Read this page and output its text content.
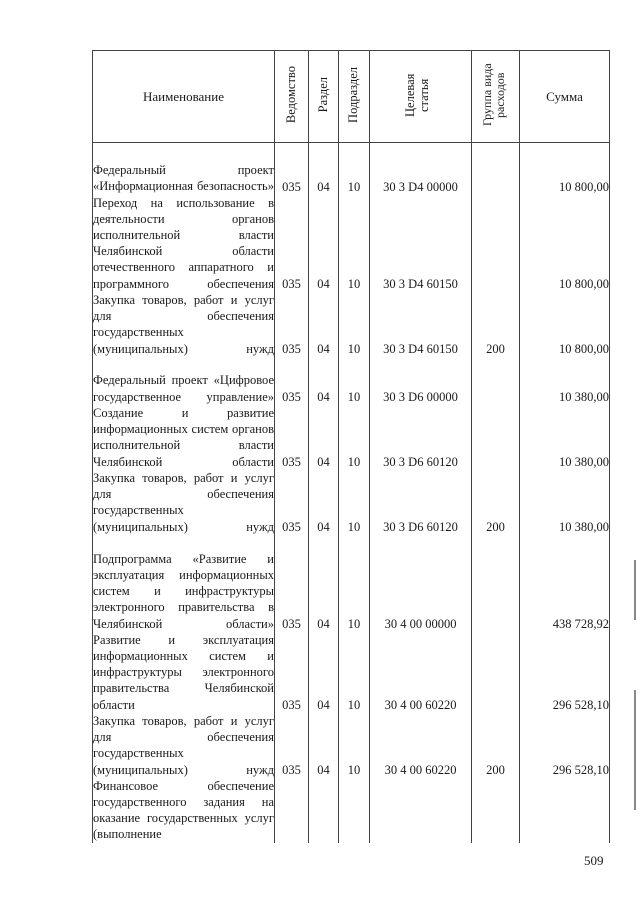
Наименование	Ведомство	Раздел	Подраздел	Целевая статья	Группа вида расходов	Сумма
Федеральный проект «Информационная безопасность»	035	04	10	30 3 D4 00000		10 800,00
Переход на использование в деятельности органов исполнительной власти Челябинской области отечественного аппаратного и программного обеспечения	035	04	10	30 3 D4 60150		10 800,00
Закупка товаров, работ и услуг для обеспечения государственных (муниципальных) нужд	035	04	10	30 3 D4 60150	200	10 800,00
Федеральный проект «Цифровое государственное управление»	035	04	10	30 3 D6 00000		10 380,00
Создание и развитие информационных систем органов исполнительной власти Челябинской области	035	04	10	30 3 D6 60120		10 380,00
Закупка товаров, работ и услуг для обеспечения государственных (муниципальных) нужд	035	04	10	30 3 D6 60120	200	10 380,00
Подпрограмма «Развитие и эксплуатация информационных систем и инфраструктуры электронного правительства в Челябинской области»	035	04	10	30 4 00 00000		438 728,92
Развитие и эксплуатация информационных систем и инфраструктуры электронного правительства Челябинской области	035	04	10	30 4 00 60220		296 528,10
Закупка товаров, работ и услуг для обеспечения государственных (муниципальных) нужд	035	04	10	30 4 00 60220	200	296 528,10
Финансовое обеспечение государственного задания на оказание государственных услуг (выполнение						
509
